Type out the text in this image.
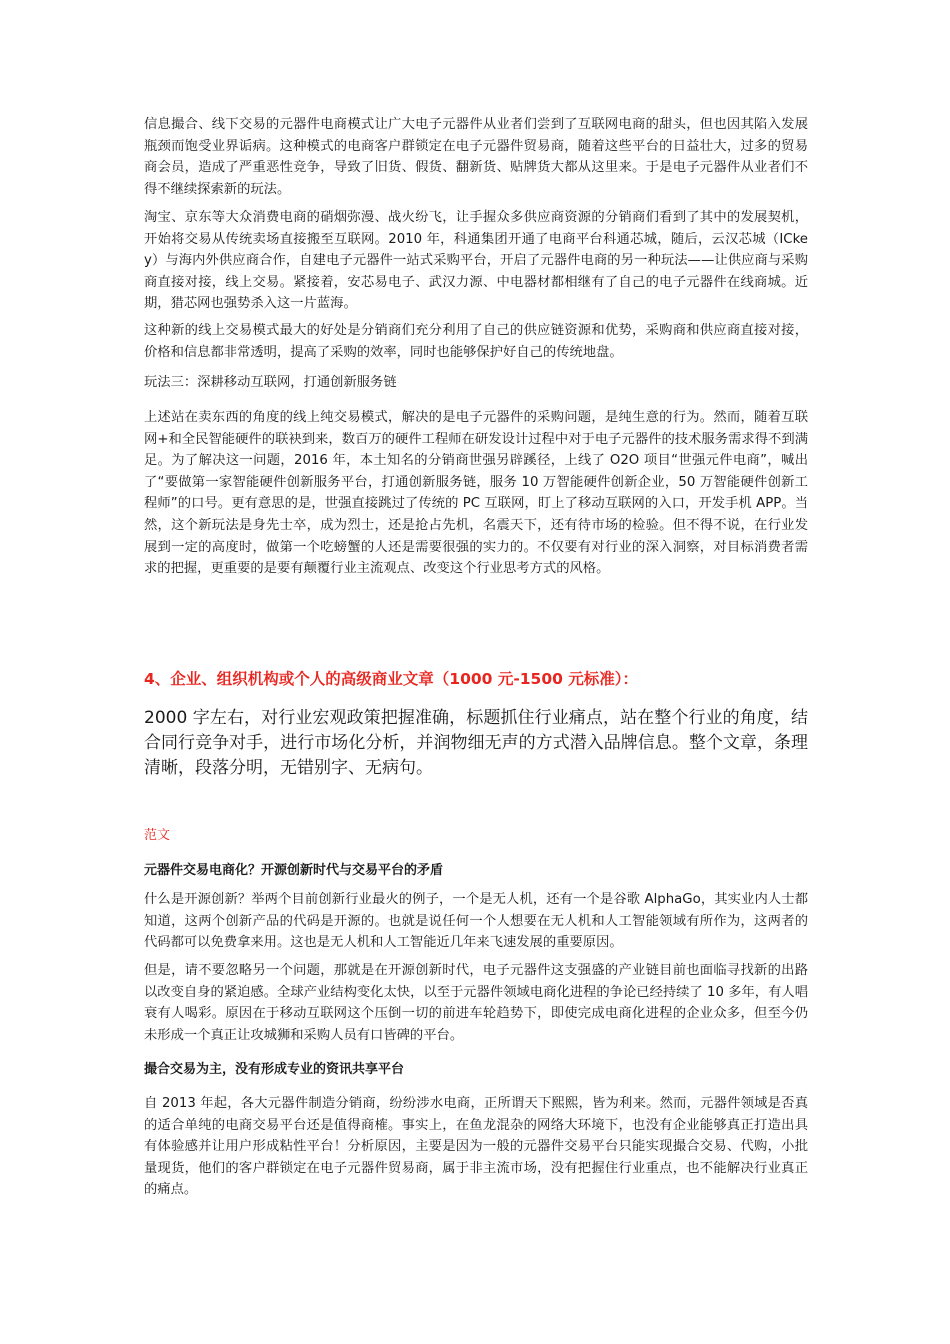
信息撮合、线下交易的元器件电商模式让广大电子元器件从业者们尝到了互联网电商的甜头，但也因其陷入发展瓶颈而饱受业界诟病。这种模式的电商客户群锁定在电子元器件贸易商，随着这些平台的日益壮大，过多的贸易商会员，造成了严重恶性竞争，导致了旧货、假货、翻新货、贴牌货大都从这里来。于是电子元器件从业者们不得不继续探索新的玩法。

淘宝、京东等大众消费电商的硝烟弥漫、战火纷飞，让手握众多供应商资源的分销商们看到了其中的发展契机，开始将交易从传统卖场直接搬至互联网。2010 年，科通集团开通了电商平台科通芯城，随后，云汉芯城（ICkey）与海内外供应商合作，自建电子元器件一站式采购平台，开启了元器件电商的另一种玩法——让供应商与采购商直接对接，线上交易。紧接着，安芯易电子、武汉力源、中电器材都相继有了自己的电子元器件在线商城。近期，猎芯网也强势杀入这一片蓝海。

这种新的线上交易模式最大的好处是分销商们充分利用了自己的供应链资源和优势，采购商和供应商直接对接，价格和信息都非常透明，提高了采购的效率，同时也能够保护好自己的传统地盘。

玩法三：深耕移动互联网，打通创新服务链

上述站在卖东西的角度的线上纯交易模式，解决的是电子元器件的采购问题，是纯生意的行为。然而，随着互联网+和全民智能硬件的联袂到来，数百万的硬件工程师在研发设计过程中对于电子元器件的技术服务需求得不到满足。为了解决这一问题，2016 年，本土知名的分销商世强另辟蹊径，上线了 O2O 项目“世强元件电商”，喊出了“要做第一家智能硬件创新服务平台，打通创新服务链，服务 10 万智能硬件创新企业，50 万智能硬件创新工程师”的口号。更有意思的是，世强直接跳过了传统的 PC 互联网，盯上了移动互联网的入口，开发手机 APP。当然，这个新玩法是身先士卒，成为烈士，还是抢占先机，名震天下，还有待市场的检验。但不得不说，在行业发展到一定的高度时，做第一个吃螃蟹的人还是需要很强的实力的。不仅要有对行业的深入洞察，对目标消费者需求的把握，更重要的是要有颠覆行业主流观点、改变这个行业思考方式的风格。

4、企业、组织机构或个人的高级商业文章（1000 元-1500 元标准）：

2000 字左右，对行业宏观政策把握准确，标题抓住行业痛点，站在整个行业的角度，结合同行竞争对手，进行市场化分析，并润物细无声的方式潜入品牌信息。整个文章，条理清晰，段落分明，无错别字、无病句。

范文

元器件交易电商化？开源创新时代与交易平台的矛盾

什么是开源创新？举两个目前创新行业最火的例子，一个是无人机，还有一个是谷歌 AlphaGo，其实业内人士都知道，这两个创新产品的代码是开源的。也就是说任何一个人想要在无人机和人工智能领域有所作为，这两者的代码都可以免费拿来用。这也是无人机和人工智能近几年来飞速发展的重要原因。

但是，请不要忽略另一个问题，那就是在开源创新时代，电子元器件这支强盛的产业链目前也面临寻找新的出路以改变自身的紧迫感。全球产业结构变化太快，以至于元器件领域电商化进程的争论已经持续了 10 多年，有人唱衰有人喝彩。原因在于移动互联网这个压倒一切的前进车轮趋势下，即使完成电商化进程的企业众多，但至今仍未形成一个真正让攻城狮和采购人员有口皆碑的平台。

撮合交易为主，没有形成专业的资讯共享平台

自 2013 年起，各大元器件制造分销商，纷纷涉水电商，正所谓天下熙熙，皆为利来。然而，元器件领域是否真的适合单纯的电商交易平台还是值得商榷。事实上，在鱼龙混杂的网络大环境下，也没有企业能够真正打造出具有体验感并让用户形成粘性平台！分析原因，主要是因为一般的元器件交易平台只能实现撮合交易、代购，小批量现货，他们的客户群锁定在电子元器件贸易商，属于非主流市场，没有把握住行业重点，也不能解决行业真正的痛点。
